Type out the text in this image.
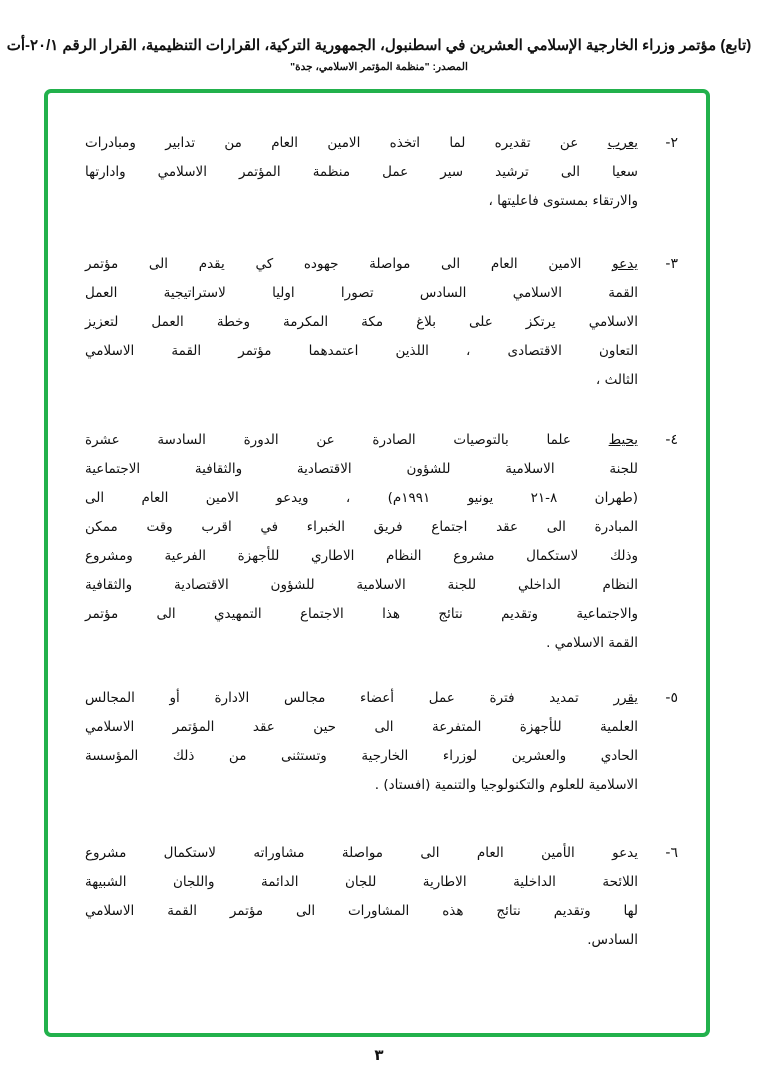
(تابع) مؤتمر وزراء الخارجية الإسلامي العشرين في اسطنبول، الجمهورية التركية، القرارات التنظيمية، القرار الرقم ٢٠/١-أت
المصدر: "منظمة المؤتمر الاسلامي، جدة"
٢-
يعرب عن تقديره لما اتخذه الامين العام من تدابير ومبادرات
سعيا الى ترشيد سير عمل منظمة المؤتمر الاسلامي وادارتها
والارتقاء بمستوى فاعليتها ،
٣-
يدعو الامين العام الى مواصلة جهوده كي يقدم الى مؤتمر
القمة الاسلامي السادس تصورا اوليا لاستراتيجية العمل
الاسلامي يرتكز على بلاغ مكة المكرمة وخطة العمل لتعزيز
التعاون الاقتصادى ، اللذين اعتمدهما مؤتمر القمة الاسلامي
الثالث ،
٤-
يحيط علما بالتوصيات الصادرة عن الدورة السادسة عشرة
للجنة الاسلامية للشؤون الاقتصادية والثقافية الاجتماعية
(طهران ٨-٢١ يونيو ١٩٩١م) ، ويدعو الامين العام الى
المبادرة الى عقد اجتماع فريق الخبراء في اقرب وقت ممكن
وذلك لاستكمال مشروع النظام الاطاري للأجهزة الفرعية ومشروع
النظام الداخلي للجنة الاسلامية للشؤون الاقتصادية والثقافية
والاجتماعية وتقديم نتائج هذا الاجتماع التمهيدي الى مؤتمر
القمة الاسلامي .
٥-
يقرر تمديد فترة عمل أعضاء مجالس الادارة أو المجالس
العلمية للأجهزة المتفرعة الى حين عقد المؤتمر الاسلامي
الحادي والعشرين لوزراء الخارجية وتستثنى من ذلك المؤسسة
الاسلامية للعلوم والتكنولوجيا والتنمية (افستاد) .
٦-
يدعو الأمين العام الى مواصلة مشاوراته لاستكمال مشروع
اللائحة الداخلية الاطارية للجان الدائمة واللجان الشبيهة
لها وتقديم نتائج هذه المشاورات الى مؤتمر القمة الاسلامي
السادس.
٣
